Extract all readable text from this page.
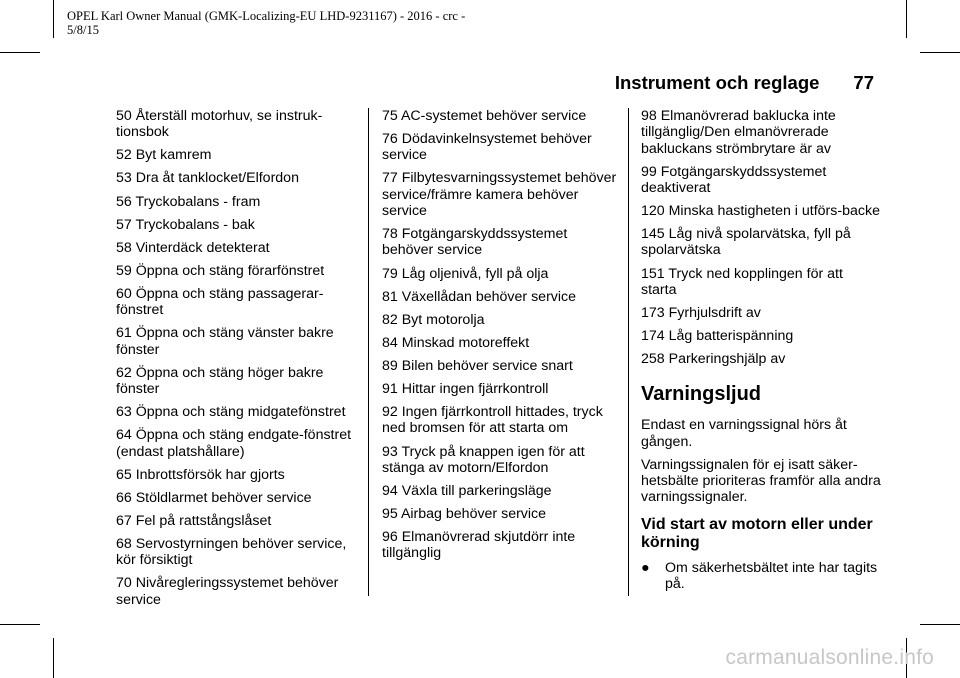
OPEL Karl Owner Manual (GMK-Localizing-EU LHD-9231167) - 2016 - crc -
5/8/15
Instrument och reglage 77

50 Återställ motorhuv, se instruk-tionsbok

52 Byt kamrem

53 Dra åt tanklocket/Elfordon

56 Tryckobalans - fram

57 Tryckobalans - bak

58 Vinterdäck detekterat

59 Öppna och stäng förarfönstret

60 Öppna och stäng passagerar-fönstret

61 Öppna och stäng vänster bakre fönster

62 Öppna och stäng höger bakre fönster

63 Öppna och stäng midgatefönstret

64 Öppna och stäng endgate-fönstret (endast platshållare)

65 Inbrottsförsök har gjorts

66 Stöldlarmet behöver service

67 Fel på rattstångslåset

68 Servostyrningen behöver service, kör försiktigt

70 Nivåregleringssystemet behöver service

75 AC-systemet behöver service

76 Dödavinkelnsystemet behöver service

77 Filbytesvarningssystemet behöver service/främre kamera behöver service

78 Fotgängarskyddssystemet behöver service

79 Låg oljenivå, fyll på olja

81 Växellådan behöver service

82 Byt motorolja

84 Minskad motoreffekt

89 Bilen behöver service snart

91 Hittar ingen fjärrkontroll

92 Ingen fjärrkontroll hittades, tryck ned bromsen för att starta om

93 Tryck på knappen igen för att stänga av motorn/Elfordon

94 Växla till parkeringsläge

95 Airbag behöver service

96 Elmanövrerad skjutdörr inte tillgänglig

98 Elmanövrerad baklucka inte tillgänglig/Den elmanövrerade bakluckans strömbrytare är av

99 Fotgängarskyddssystemet deaktiverat

120 Minska hastigheten i utförs-backe

145 Låg nivå spolarvätska, fyll på spolarvätska

151 Tryck ned kopplingen för att starta

173 Fyrhjulsdrift av

174 Låg batterispänning

258 Parkeringshjälp av

Varningsljud

Endast en varningssignal hörs åt gången.

Varningssignalen för ej isatt säker-hetsbälte prioriteras framför alla andra varningssignaler.

Vid start av motorn eller under körning
●	Om säkerhetsbältet inte har tagits på.
carmanualsonline.info
